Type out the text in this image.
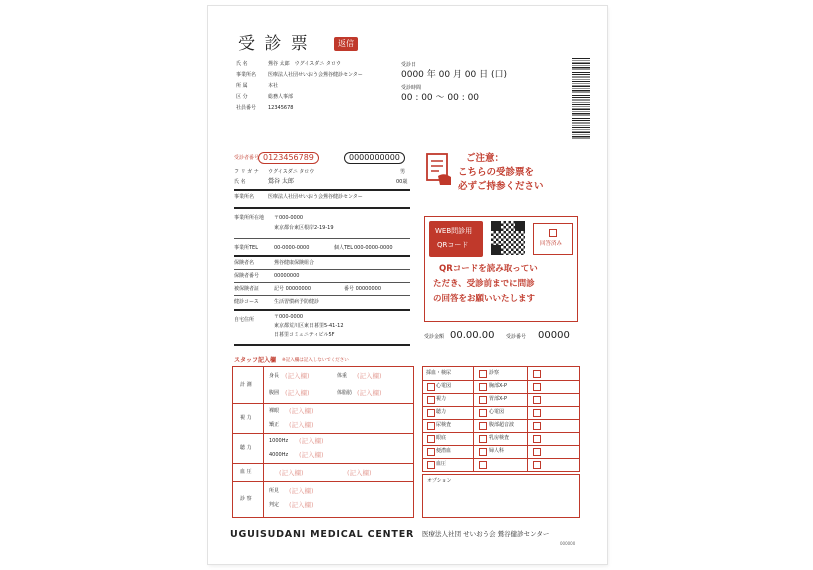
受 診 票	返信
氏 名	鶯谷 太郎　ウグイスダニ タロウ
事業所名 医療法人社団せいおう会鶯谷健診センター
所 属	本社
区 分	総務人事部
社員番号 12345678
受診日
0000 年 00 月 00 日 (口)
受診時間
00 : 00 ～ 00 : 00
受診者番号 0123456789	0000000000
フ リ ガ ナ ウグイスダニ タロウ	男
氏 名	鶯谷 太郎	00歳
事業所名	医療法人社団せいおう会鶯谷健診センター
事業所所在地 〒000-0000
東京都台東区根岸2-19-19
事業所TEL	00-0000-0000	個人TEL 000-0000-0000
保険者名	鶯谷健康保険組合
保険者番号	00000000
被保険者証	記号 00000000	番号 00000000
健診コース	生活習慣病予防健診
自宅住所	〒000-0000
東京都荒川区東日暮里5-41-12
日暮里コミュニティビル5F
ご注意：
こちらの受診票を
必ずご持参ください
WEB問診用
QRコード	回答済み
QRコードを読み取ってい
ただき、受診前までに問診
の回答をお願いいたします
受診金額 00.00.00 受診番号 00000
スタッフ記入欄 ※記入欄は記入しないでください
計 測
身長 (記入欄)	体重 (記入欄)
腹囲 (記入欄)	体脂肪 (記入欄)
視 力
裸眼 (記入欄)
矯正 (記入欄)
聴 力
1000Hz (記入欄)
4000Hz (記入欄)
血 圧	(記入欄)	(記入欄)
診 察
所見 (記入欄)
判定 (記入欄)
採血・検尿	診察
心電図	胸部X-P
視力	胃部X-P
聴力	心電図
尿検査	腹部超音波
眼底	乳房検査
便潜血	婦人科
血圧
オプション
UGUISUDANI MEDICAL CENTER 医療法人社団 せいおう会 鶯谷健診センター
000000
